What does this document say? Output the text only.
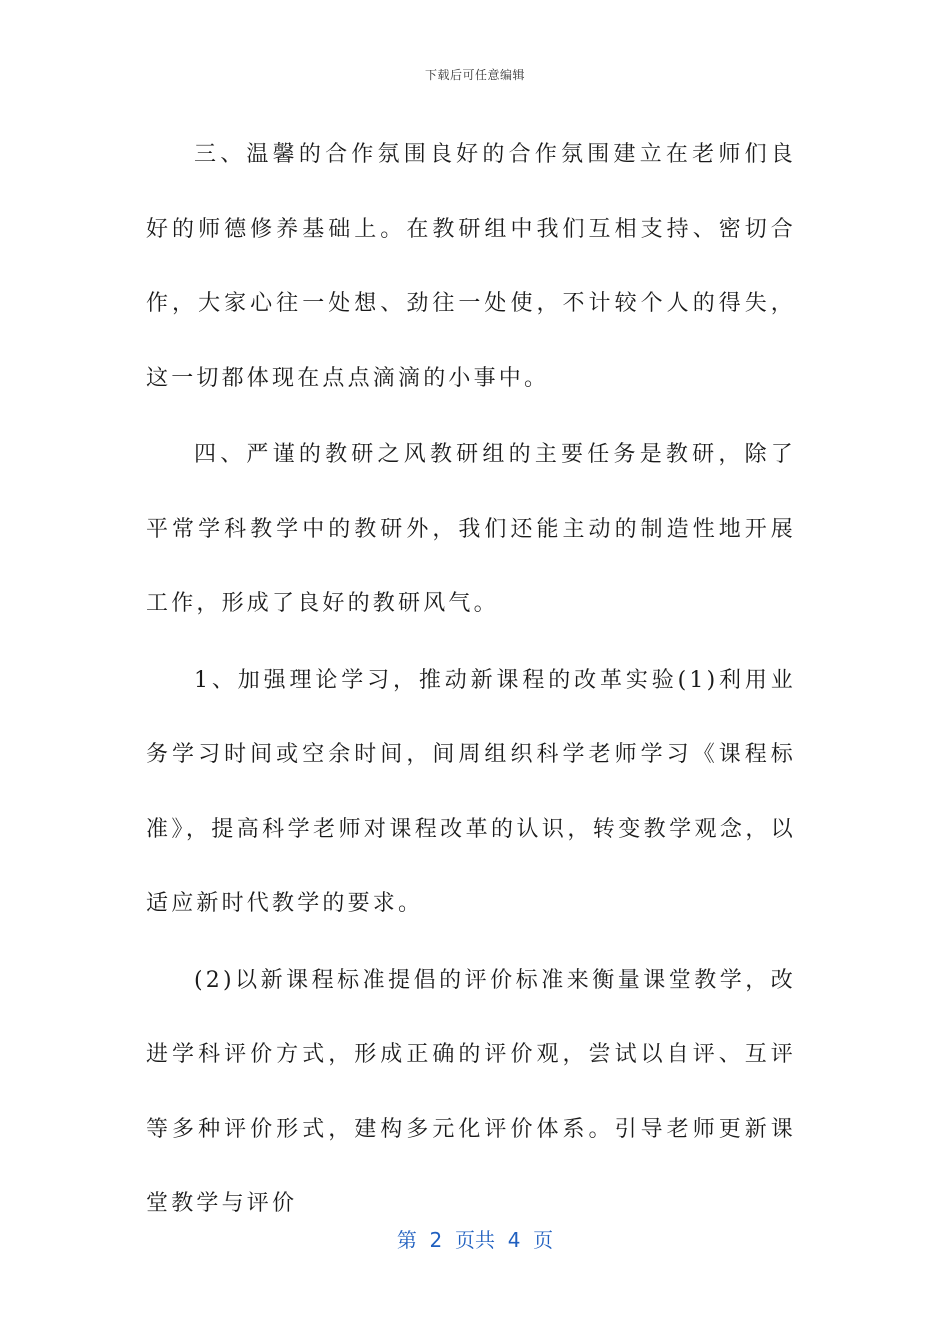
下载后可任意编辑

三、温馨的合作氛围良好的合作氛围建立在老师们良好的师德修养基础上。在教研组中我们互相支持、密切合作，大家心往一处想、劲往一处使，不计较个人的得失，这一切都体现在点点滴滴的小事中。

四、严谨的教研之风教研组的主要任务是教研，除了平常学科教学中的教研外，我们还能主动的制造性地开展工作，形成了良好的教研风气。

1、加强理论学习，推动新课程的改革实验(1)利用业务学习时间或空余时间，间周组织科学老师学习《课程标准》，提高科学老师对课程改革的认识，转变教学观念，以适应新时代教学的要求。

(2)以新课程标准提倡的评价标准来衡量课堂教学，改进学科评价方式，形成正确的评价观，尝试以自评、互评等多种评价形式，建构多元化评价体系。引导老师更新课堂教学与评价

第  2  页共  4  页
